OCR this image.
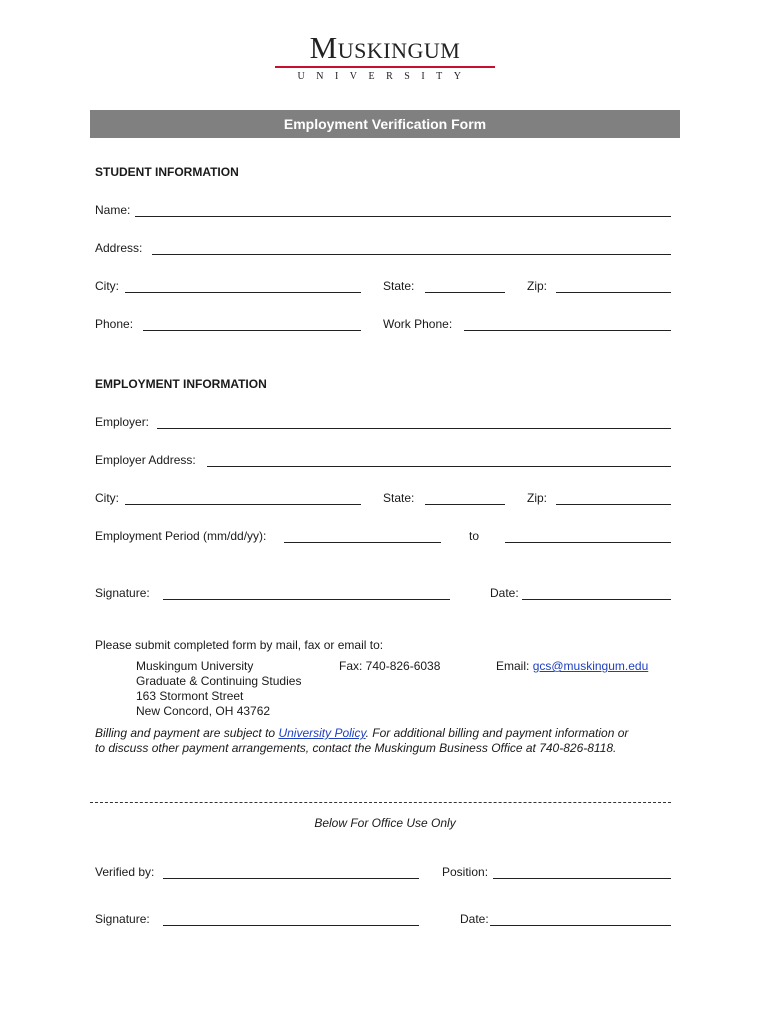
Muskingum
UNIVERSITY
Employment Verification Form
STUDENT INFORMATION
Name:
Address:
City:	State:	Zip:
Phone:	Work Phone:
EMPLOYMENT INFORMATION
Employer:
Employer Address:
City:	State:	Zip:
Employment Period (mm/dd/yy):	to
Signature:	Date:
Please submit completed form by mail, fax or email to:
Muskingum University
Graduate & Continuing Studies
163 Stormont Street
New Concord, OH 43762
Fax: 740-826-6038	Email: gcs@muskingum.edu
Billing and payment are subject to University Policy. For additional billing and payment information or
to discuss other payment arrangements, contact the Muskingum Business Office at 740-826-8118.
Below For Office Use Only
Verified by:	Position:
Signature:	Date:
